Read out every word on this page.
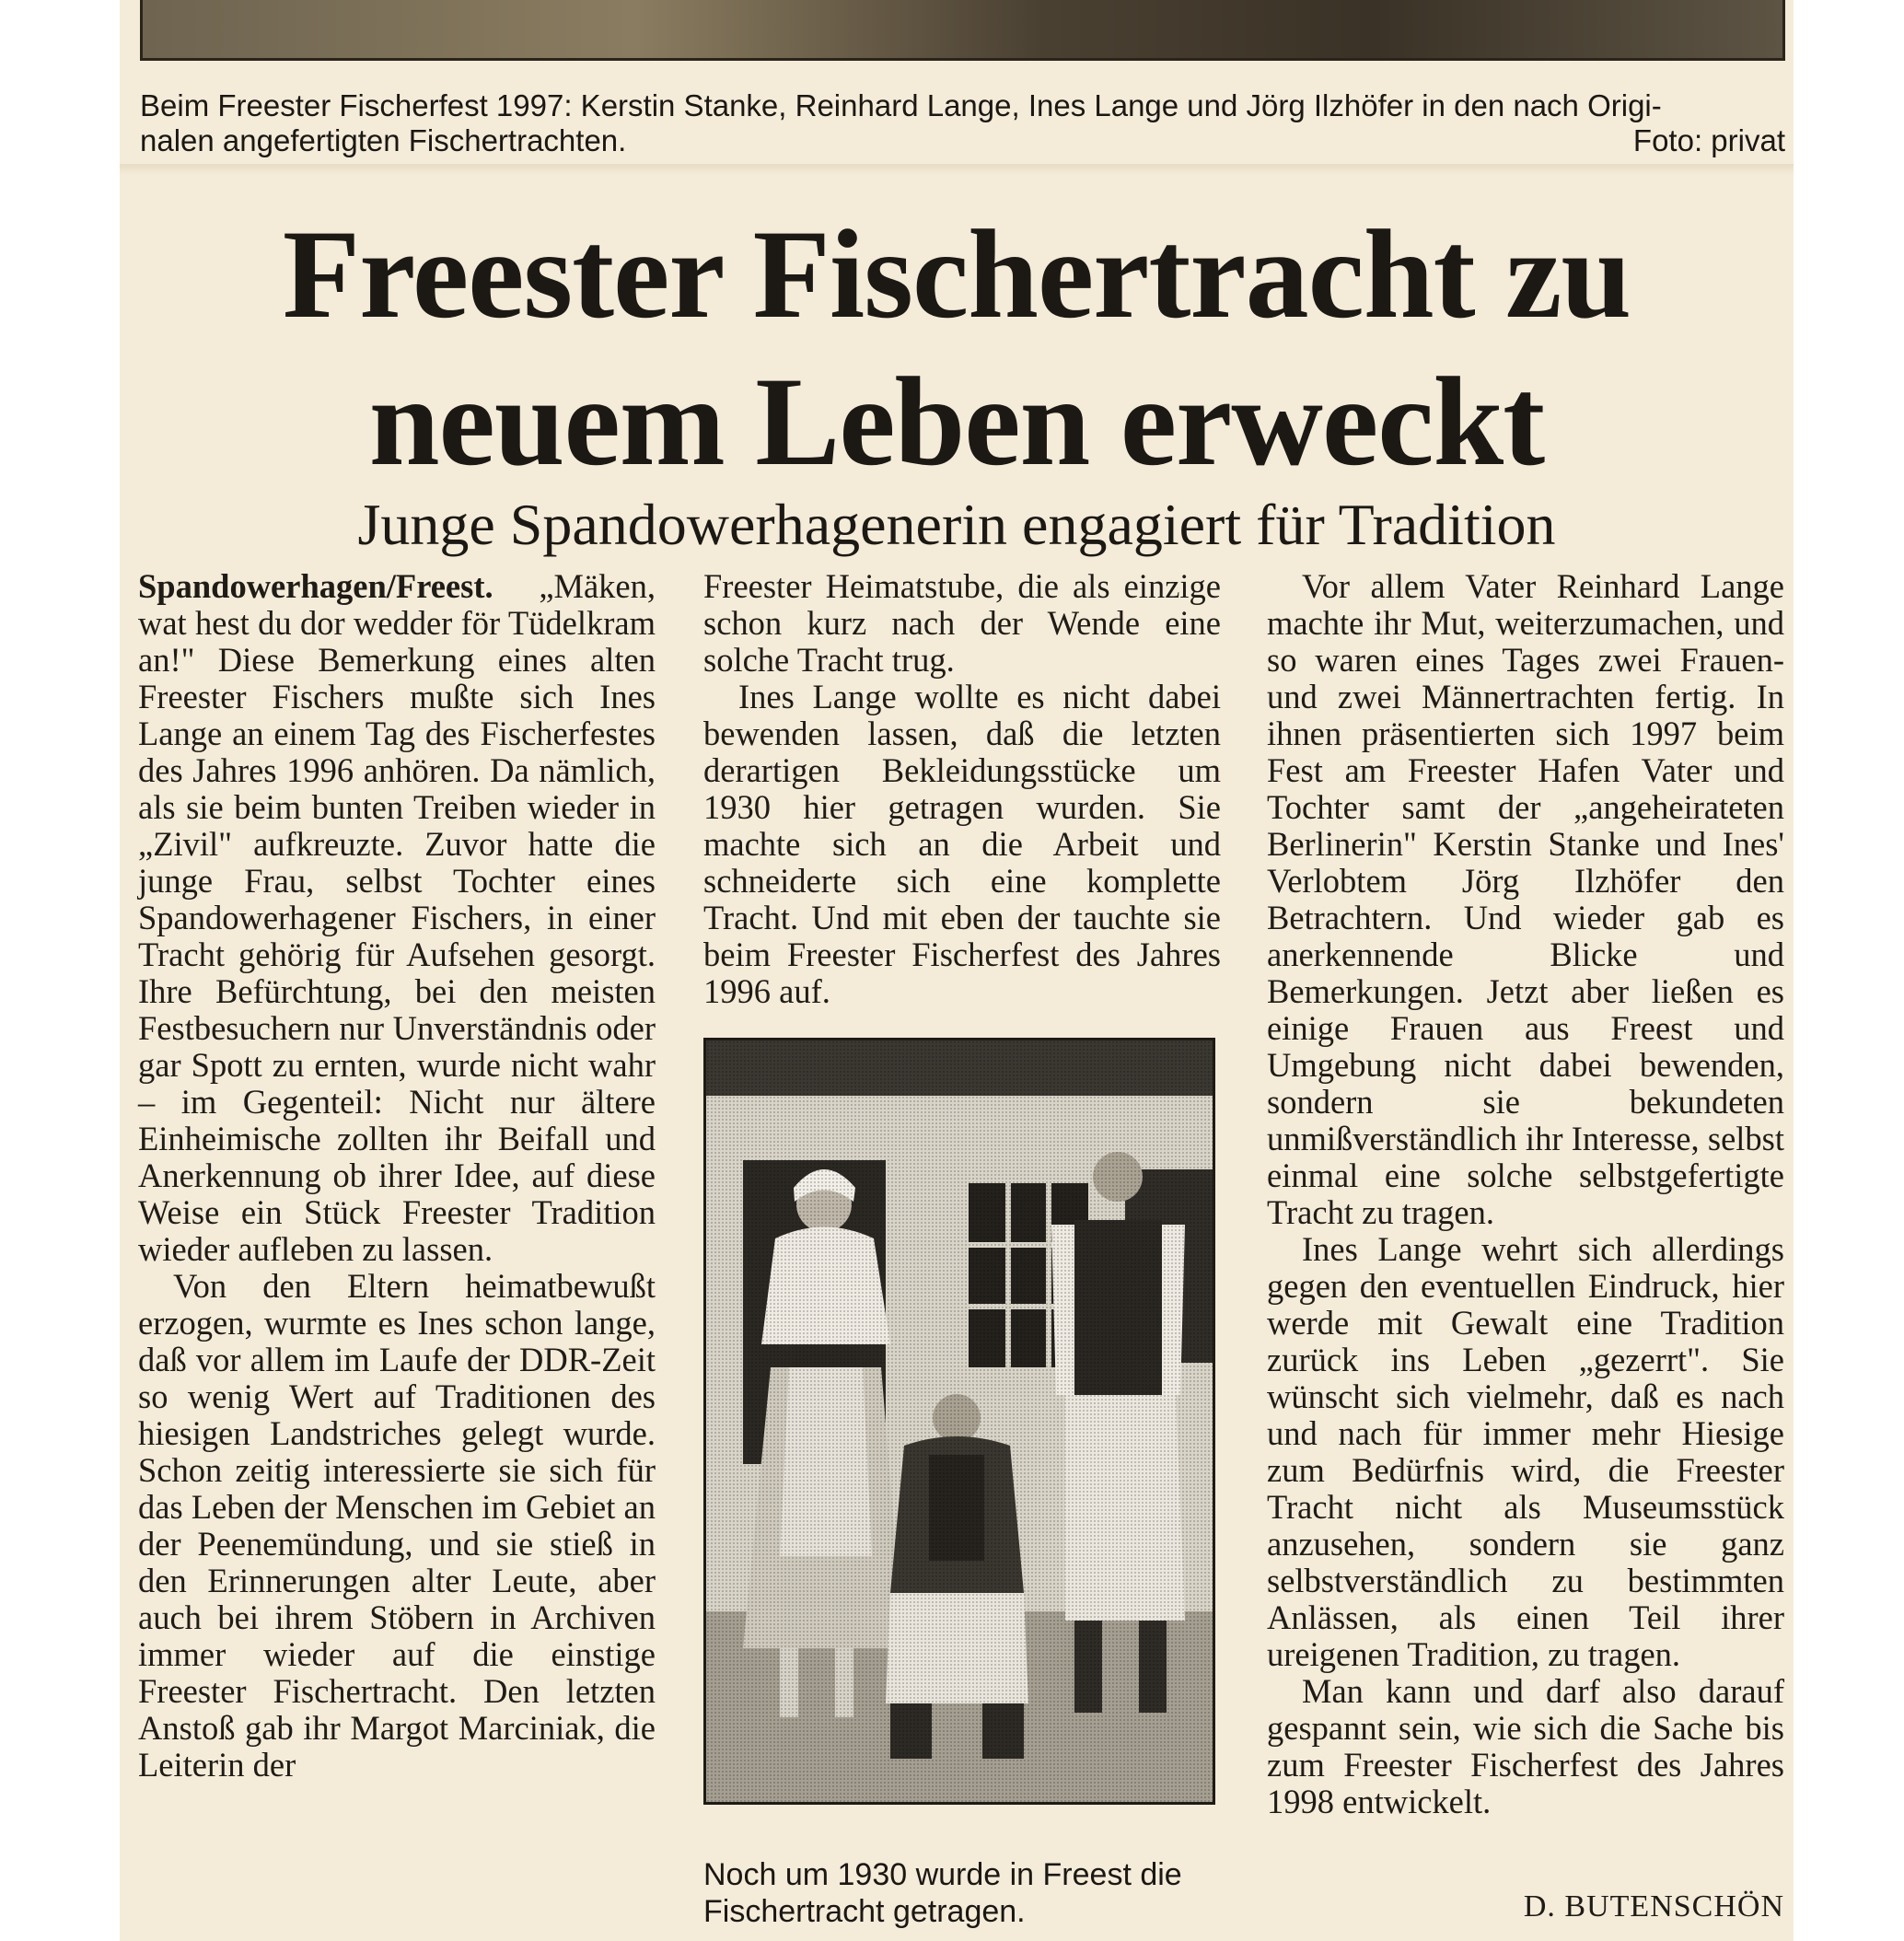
Beim Freester Fischerfest 1997: Kerstin Stanke, Reinhard Lange, Ines Lange und Jörg Ilzhöfer in den nach Origi-
nalen angefertigten Fischertrachten.	Foto: privat
Freester Fischertracht zu
neuem Leben erweckt
Junge Spandowerhagenerin engagiert für Tradition

Spandowerhagen/Freest. „Mäken, wat hest du dor wedder för Tüdelkram an!" Diese Bemerkung eines alten Freester Fischers mußte sich Ines Lange an einem Tag des Fischerfestes des Jahres 1996 anhören. Da nämlich, als sie beim bunten Treiben wieder in „Zivil" aufkreuzte. Zuvor hatte die junge Frau, selbst Tochter eines Spandowerhagener Fischers, in einer Tracht gehörig für Aufsehen gesorgt. Ihre Befürchtung, bei den meisten Festbesuchern nur Unverständnis oder gar Spott zu ernten, wurde nicht wahr – im Gegenteil: Nicht nur ältere Einheimische zollten ihr Beifall und Anerkennung ob ihrer Idee, auf diese Weise ein Stück Freester Tradition wieder aufleben zu lassen.

Von den Eltern heimatbewußt erzogen, wurmte es Ines schon lange, daß vor allem im Laufe der DDR-Zeit so wenig Wert auf Traditionen des hiesigen Landstriches gelegt wurde. Schon zeitig interessierte sie sich für das Leben der Menschen im Gebiet an der Peenemündung, und sie stieß in den Erinnerungen alter Leute, aber auch bei ihrem Stöbern in Archiven immer wieder auf die einstige Freester Fischertracht. Den letzten Anstoß gab ihr Margot Marciniak, die Leiterin der

Freester Heimatstube, die als einzige schon kurz nach der Wende eine solche Tracht trug.

Ines Lange wollte es nicht dabei bewenden lassen, daß die letzten derartigen Bekleidungsstücke um 1930 hier getragen wurden. Sie machte sich an die Arbeit und schneiderte sich eine komplette Tracht. Und mit eben der tauchte sie beim Freester Fischerfest des Jahres 1996 auf.

Noch um 1930 wurde in Freest die
Fischertracht getragen.

Vor allem Vater Reinhard Lange machte ihr Mut, weiterzumachen, und so waren eines Tages zwei Frauen- und zwei Männertrachten fertig. In ihnen präsentierten sich 1997 beim Fest am Freester Hafen Vater und Tochter samt der „angeheirateten Berlinerin" Kerstin Stanke und Ines' Verlobtem Jörg Ilzhöfer den Betrachtern. Und wieder gab es anerkennende Blicke und Bemerkungen. Jetzt aber ließen es einige Frauen aus Freest und Umgebung nicht dabei bewenden, sondern sie bekundeten unmißverständlich ihr Interesse, selbst einmal eine solche selbstgefertigte Tracht zu tragen.

Ines Lange wehrt sich allerdings gegen den eventuellen Eindruck, hier werde mit Gewalt eine Tradition zurück ins Leben „gezerrt". Sie wünscht sich vielmehr, daß es nach und nach für immer mehr Hiesige zum Bedürfnis wird, die Freester Tracht nicht als Museumsstück anzusehen, sondern sie ganz selbstverständlich zu bestimmten Anlässen, als einen Teil ihrer ureigenen Tradition, zu tragen.

Man kann und darf also darauf gespannt sein, wie sich die Sache bis zum Freester Fischerfest des Jahres 1998 entwickelt.

D. BUTENSCHÖN
